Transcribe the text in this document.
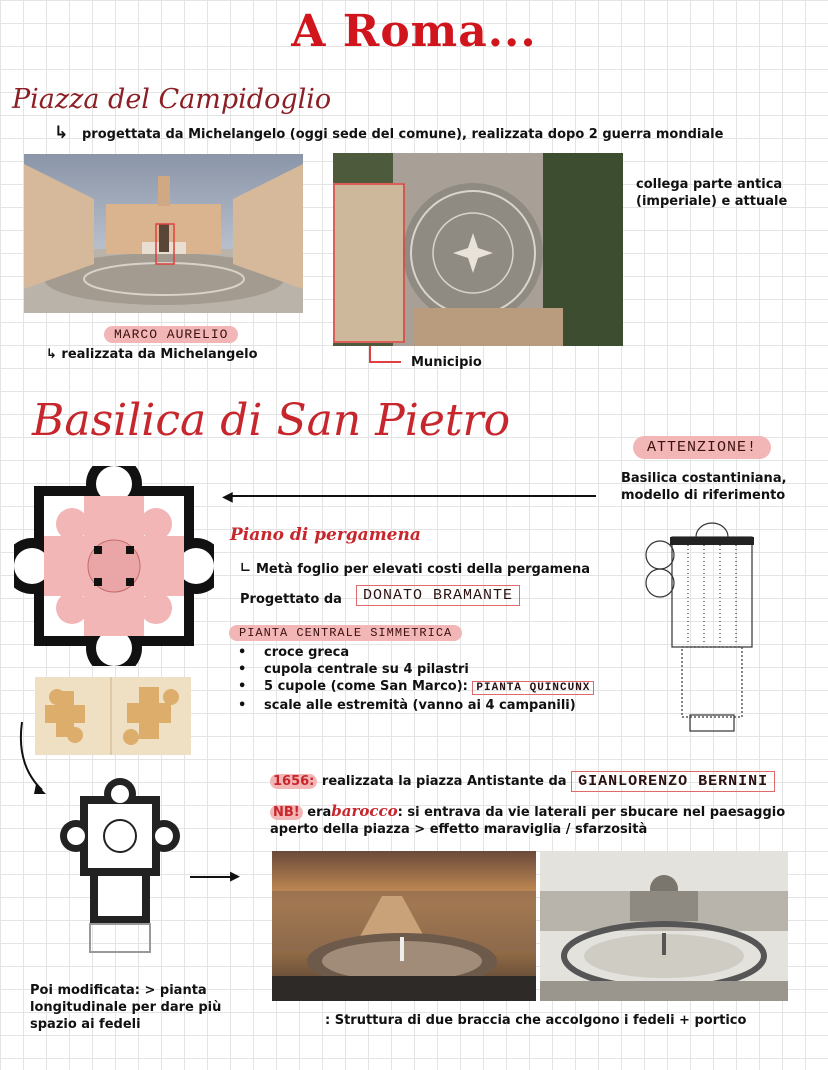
A Roma...
Piazza del Campidoglio
↳ progettata da Michelangelo (oggi sede del comune), realizzata dopo 2 guerra mondiale
Municipio
collega parte antica (imperiale) e attuale
MARCO AURELIO
↳ realizzata da Michelangelo
Basilica di San Pietro
ATTENZIONE!
Basilica costantiniana, modello di riferimento
◀
Piano di pergamena
∟ Metà foglio per elevati costi della pergamena
Progettato da	DONATO BRAMANTE
PIANTA CENTRALE SIMMETRICA
• croce greca
• cupola centrale su 4 pilastri
• 5 cupole (come San Marco): PIANTA QUINCUNX
• scale alle estremità (vanno ai 4 campanili)
▶
Poi modificata: > pianta longitudinale per dare più spazio ai fedeli
1656: realizzata la piazza Antistante da GIANLORENZO BERNINI
NB! erabarocco: si entrava da vie laterali per sbucare nel paesaggio aperto della piazza > effetto maraviglia / sfarzosità
: Struttura di due braccia che accolgono i fedeli + portico
